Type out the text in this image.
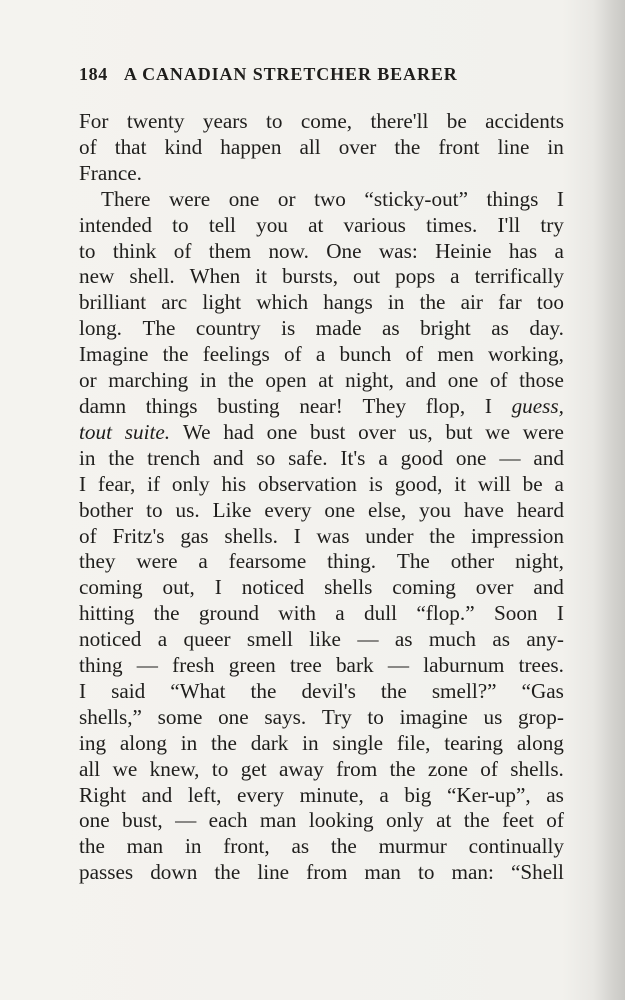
184 A CANADIAN STRETCHER BEARER
For twenty years to come, there'll be accidents
of that kind happen all over the front line in
France.
There were one or two “sticky-out” things I
intended to tell you at various times. I'll try
to think of them now. One was: Heinie has a
new shell. When it bursts, out pops a terrifically
brilliant arc light which hangs in the air far too
long. The country is made as bright as day.
Imagine the feelings of a bunch of men working,
or marching in the open at night, and one of those
damn things busting near! They flop, I guess,
tout suite. We had one bust over us, but we were
in the trench and so safe. It's a good one — and
I fear, if only his observation is good, it will be a
bother to us. Like every one else, you have heard
of Fritz's gas shells. I was under the impression
they were a fearsome thing. The other night,
coming out, I noticed shells coming over and
hitting the ground with a dull “flop.” Soon I
noticed a queer smell like — as much as any-
thing — fresh green tree bark — laburnum trees.
I said “What the devil's the smell?” “Gas
shells,” some one says. Try to imagine us grop-
ing along in the dark in single file, tearing along
all we knew, to get away from the zone of shells.
Right and left, every minute, a big “Ker-up”, as
one bust, — each man looking only at the feet of
the man in front, as the murmur continually
passes down the line from man to man: “Shell
